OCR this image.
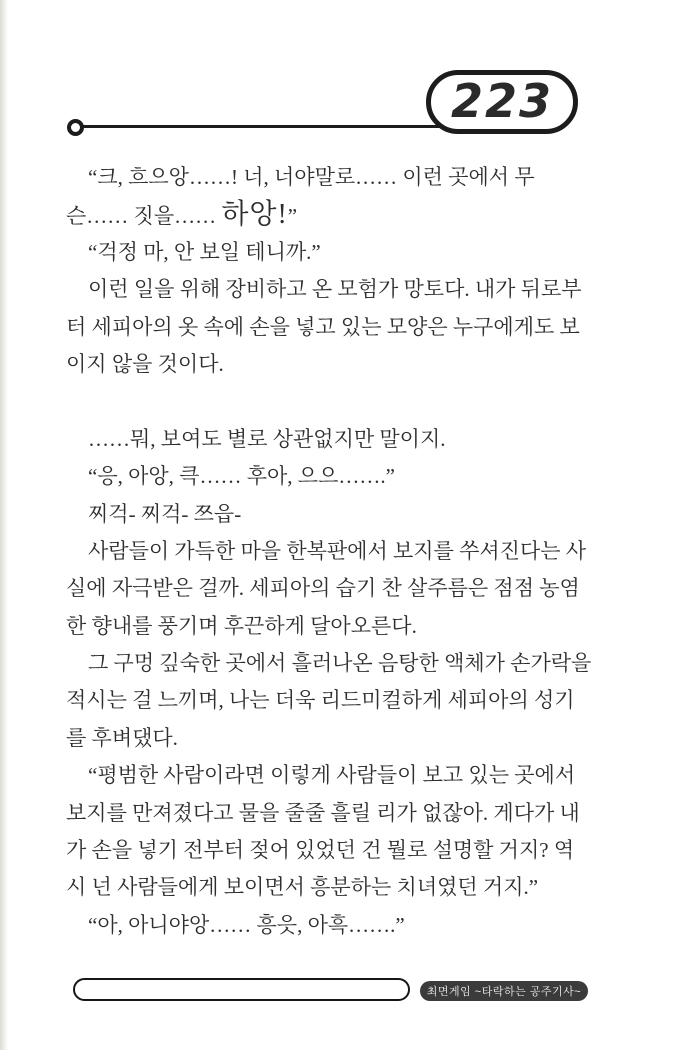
223

“크, 흐으앙……! 너, 너야말로…… 이런 곳에서 무

슨…… 짓을…… 하앙!”

“걱정 마, 안 보일 테니까.”

이런 일을 위해 장비하고 온 모험가 망토다. 내가 뒤로부

터 세피아의 옷 속에 손을 넣고 있는 모양은 누구에게도 보

이지 않을 것이다.

……뭐, 보여도 별로 상관없지만 말이지.

“응, 아앙, 큭…… 후아, 으으…….”

찌걱- 찌걱- 쯔읍-

사람들이 가득한 마을 한복판에서 보지를 쑤셔진다는 사

실에 자극받은 걸까. 세피아의 습기 찬 살주름은 점점 농염

한 향내를 풍기며 후끈하게 달아오른다.

그 구멍 깊숙한 곳에서 흘러나온 음탕한 액체가 손가락을

적시는 걸 느끼며, 나는 더욱 리드미컬하게 세피아의 성기

를 후벼댔다.

“평범한 사람이라면 이렇게 사람들이 보고 있는 곳에서

보지를 만져졌다고 물을 줄줄 흘릴 리가 없잖아. 게다가 내

가 손을 넣기 전부터 젖어 있었던 건 뭘로 설명할 거지? 역

시 넌 사람들에게 보이면서 흥분하는 치녀였던 거지.”

“아, 아니야앙…… 흥읏, 아흑…….”

최면게임 ~타락하는 공주기사~
